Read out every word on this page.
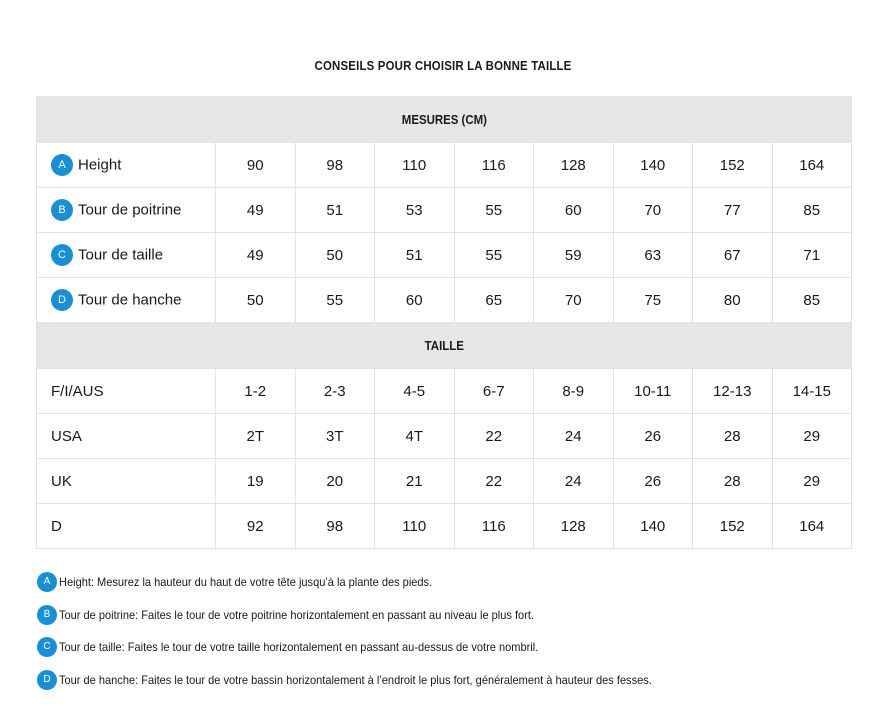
CONSEILS POUR CHOISIR LA BONNE TAILLE
MESURES (CM)								
A Height	90	98	110	116	128	140	152	164
B Tour de poitrine	49	51	53	55	60	70	77	85
C Tour de taille	49	50	51	55	59	63	67	71
D Tour de hanche	50	55	60	65	70	75	80	85
TAILLE								
F/I/AUS	1-2	2-3	4-5	6-7	8-9	10-11	12-13	14-15
USA	2T	3T	4T	22	24	26	28	29
UK	19	20	21	22	24	26	28	29
D	92	98	110	116	128	140	152	164
A Height: Mesurez la hauteur du haut de votre tête jusqu’à la plante des pieds.
B Tour de poitrine: Faites le tour de votre poitrine horizontalement en passant au niveau le plus fort.
C Tour de taille: Faites le tour de votre taille horizontalement en passant au-dessus de votre nombril.
D Tour de hanche: Faites le tour de votre bassin horizontalement à l’endroit le plus fort, généralement à hauteur des fesses.
